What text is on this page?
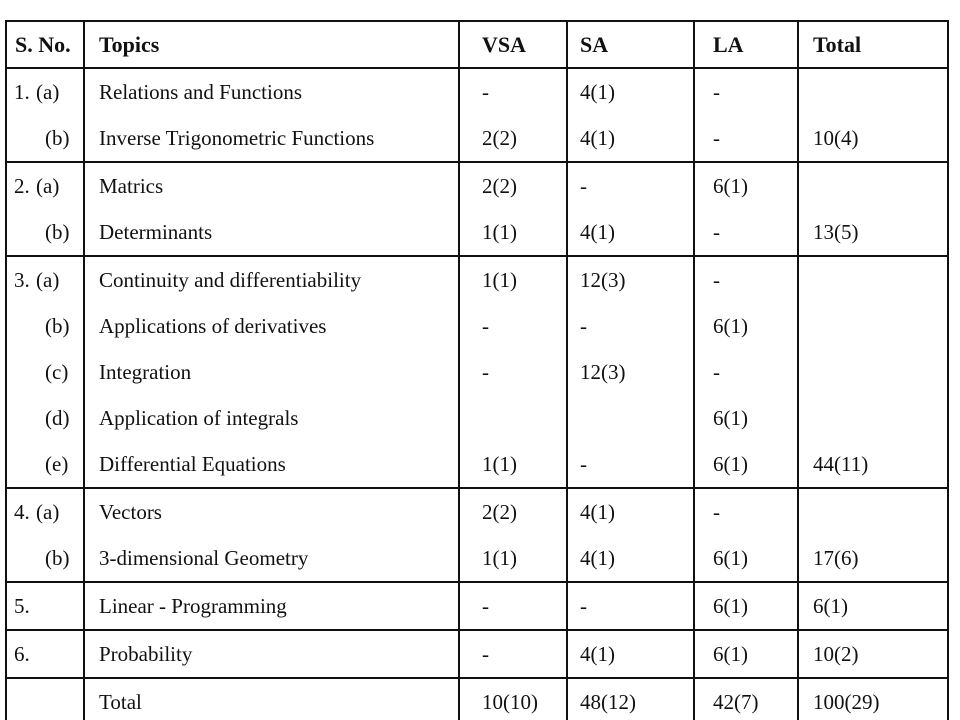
S. No.	Topics	VSA	SA	LA	Total
1. (a)	Relations and Functions	-	4(1)	-	
(b)	Inverse Trigonometric Functions	2(2)	4(1)	-	10(4)
2. (a)	Matrics	2(2)	-	6(1)	
(b)	Determinants	1(1)	4(1)	-	13(5)
3. (a)	Continuity and differentiability	1(1)	12(3)	-	
(b)	Applications of derivatives	-	-	6(1)	
(c)	Integration	-	12(3)	-	
(d)	Application of integrals			6(1)	
(e)	Differential Equations	1(1)	-	6(1)	44(11)
4. (a)	Vectors	2(2)	4(1)	-	
(b)	3-dimensional Geometry	1(1)	4(1)	6(1)	17(6)
5.	Linear - Programming	-	-	6(1)	6(1)
6.	Probability	-	4(1)	6(1)	10(2)
	Total	10(10)	48(12)	42(7)	100(29)
